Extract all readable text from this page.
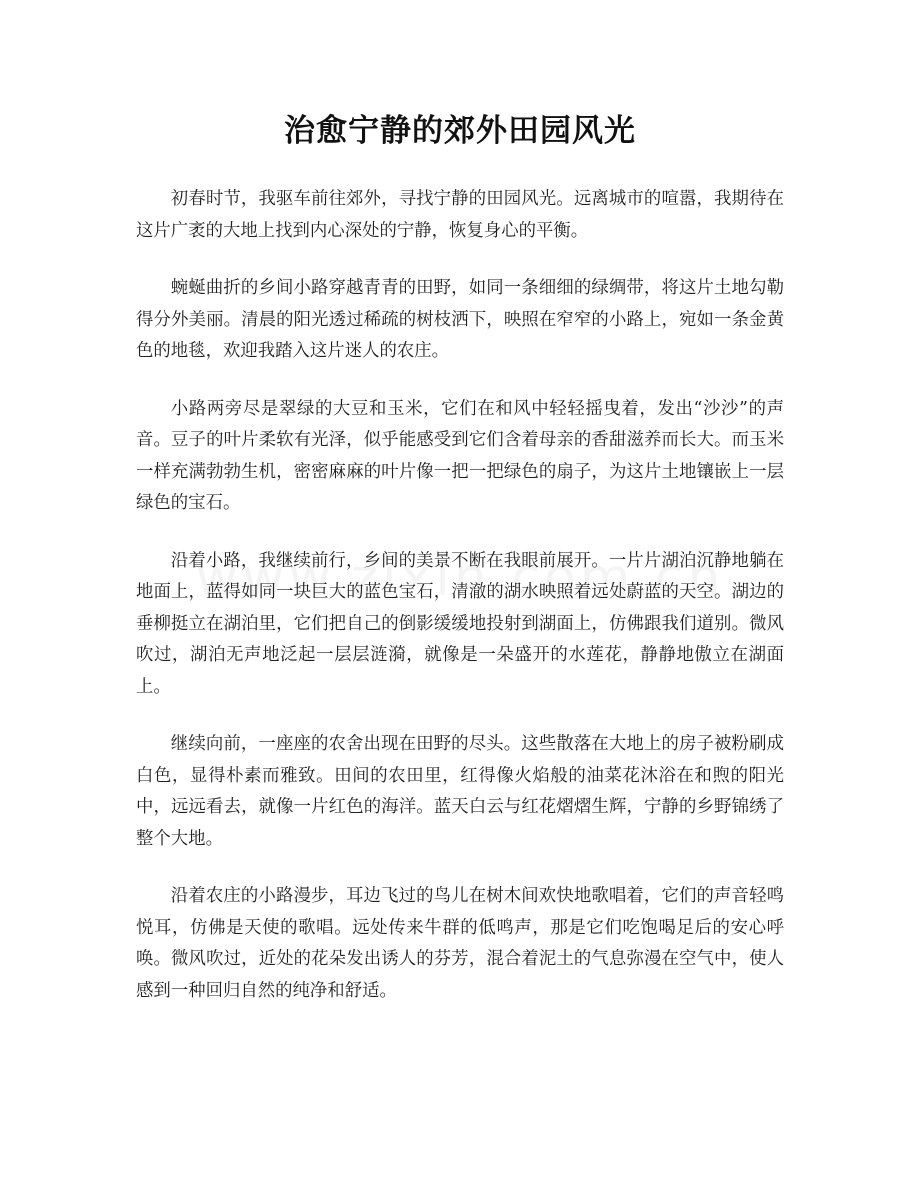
治愈宁静的郊外田园风光

初春时节，我驱车前往郊外，寻找宁静的田园风光。远离城市的喧嚣，我期待在这片广袤的大地上找到内心深处的宁静，恢复身心的平衡。

蜿蜒曲折的乡间小路穿越青青的田野，如同一条细细的绿绸带，将这片土地勾勒得分外美丽。清晨的阳光透过稀疏的树枝洒下，映照在窄窄的小路上，宛如一条金黄色的地毯，欢迎我踏入这片迷人的农庄。

小路两旁尽是翠绿的大豆和玉米，它们在和风中轻轻摇曳着，发出“沙沙”的声音。豆子的叶片柔软有光泽，似乎能感受到它们含着母亲的香甜滋养而长大。而玉米一样充满勃勃生机，密密麻麻的叶片像一把一把绿色的扇子，为这片土地镶嵌上一层绿色的宝石。

沿着小路，我继续前行，乡间的美景不断在我眼前展开。一片片湖泊沉静地躺在地面上，蓝得如同一块巨大的蓝色宝石，清澈的湖水映照着远处蔚蓝的天空。湖边的垂柳挺立在湖泊里，它们把自己的倒影缓缓地投射到湖面上，仿佛跟我们道别。微风吹过，湖泊无声地泛起一层层涟漪，就像是一朵盛开的水莲花，静静地傲立在湖面上。

继续向前，一座座的农舍出现在田野的尽头。这些散落在大地上的房子被粉刷成白色，显得朴素而雅致。田间的农田里，红得像火焰般的油菜花沐浴在和煦的阳光中，远远看去，就像一片红色的海洋。蓝天白云与红花熠熠生辉，宁静的乡野锦绣了整个大地。

沿着农庄的小路漫步，耳边飞过的鸟儿在树木间欢快地歌唱着，它们的声音轻鸣悦耳，仿佛是天使的歌唱。远处传来牛群的低鸣声，那是它们吃饱喝足后的安心呼唤。微风吹过，近处的花朵发出诱人的芬芳，混合着泥土的气息弥漫在空气中，使人感到一种回归自然的纯净和舒适。
